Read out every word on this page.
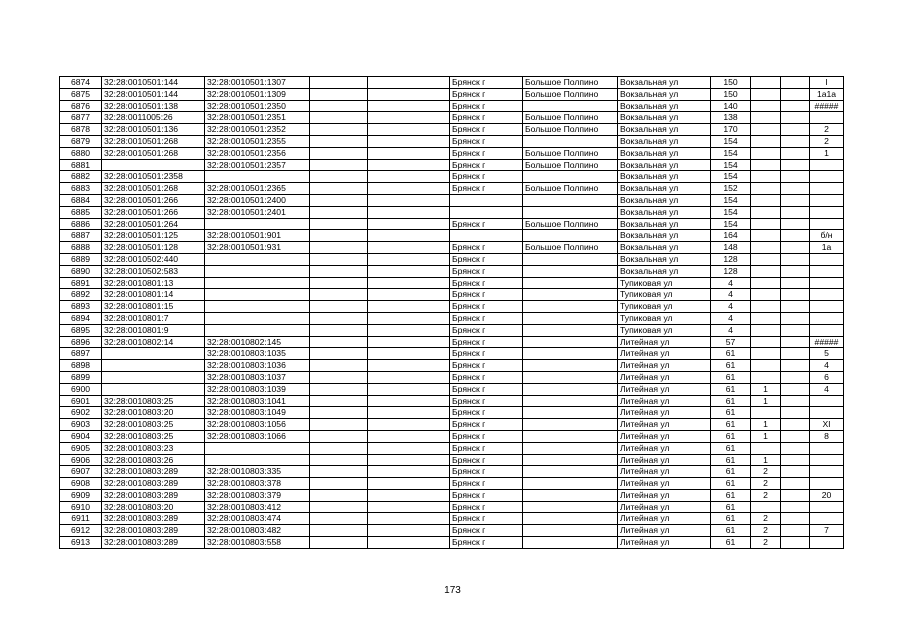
6874	32:28:0010501:144	32:28:0010501:1307			Брянск г	Большое Полпино	Вокзальная ул	150			I
6875	32:28:0010501:144	32:28:0010501:1309			Брянск г	Большое Полпино	Вокзальная ул	150			1а1а
6876	32:28:0010501:138	32:28:0010501:2350			Брянск г		Вокзальная ул	140			#####
6877	32:28:0011005:26	32:28:0010501:2351			Брянск г	Большое Полпино	Вокзальная ул	138			
6878	32:28:0010501:136	32:28:0010501:2352			Брянск г	Большое Полпино	Вокзальная ул	170			2
6879	32:28:0010501:268	32:28:0010501:2355			Брянск г		Вокзальная ул	154			2
6880	32:28:0010501:268	32:28:0010501:2356			Брянск г	Большое Полпино	Вокзальная ул	154			1
6881		32:28:0010501:2357			Брянск г	Большое Полпино	Вокзальная ул	154			
6882	32:28:0010501:2358				Брянск г		Вокзальная ул	154			
6883	32:28:0010501:268	32:28:0010501:2365			Брянск г	Большое Полпино	Вокзальная ул	152			
6884	32:28:0010501:266	32:28:0010501:2400					Вокзальная ул	154			
6885	32:28:0010501:266	32:28:0010501:2401					Вокзальная ул	154			
6886	32:28:0010501:264				Брянск г	Большое Полпино	Вокзальная ул	154			
6887	32:28:0010501:125	32:28:0010501:901					Вокзальная ул	164			б/н
6888	32:28:0010501:128	32:28:0010501:931			Брянск г	Большое Полпино	Вокзальная ул	148			1а
6889	32:28:0010502:440				Брянск г		Вокзальная ул	128			
6890	32:28:0010502:583				Брянск г		Вокзальная ул	128			
6891	32:28:0010801:13				Брянск г		Тупиковая ул	4			
6892	32:28:0010801:14				Брянск г		Тупиковая ул	4			
6893	32:28:0010801:15				Брянск г		Тупиковая ул	4			
6894	32:28:0010801:7				Брянск г		Тупиковая ул	4			
6895	32:28:0010801:9				Брянск г		Тупиковая ул	4			
6896	32:28:0010802:14	32:28:0010802:145			Брянск г		Литейная ул	57			#####
6897		32:28:0010803:1035			Брянск г		Литейная ул	61			5
6898		32:28:0010803:1036			Брянск г		Литейная ул	61			4
6899		32:28:0010803:1037			Брянск г		Литейная ул	61			6
6900		32:28:0010803:1039			Брянск г		Литейная ул	61	1		4
6901	32:28:0010803:25	32:28:0010803:1041			Брянск г		Литейная ул	61	1		
6902	32:28:0010803:20	32:28:0010803:1049			Брянск г		Литейная ул	61			
6903	32:28:0010803:25	32:28:0010803:1056			Брянск г		Литейная ул	61	1		XI
6904	32:28:0010803:25	32:28:0010803:1066			Брянск г		Литейная ул	61	1		8
6905	32:28:0010803:23				Брянск г		Литейная ул	61			
6906	32:28:0010803:26				Брянск г		Литейная ул	61	1		
6907	32:28:0010803:289	32:28:0010803:335			Брянск г		Литейная ул	61	2		
6908	32:28:0010803:289	32:28:0010803:378			Брянск г		Литейная ул	61	2		
6909	32:28:0010803:289	32:28:0010803:379			Брянск г		Литейная ул	61	2		20
6910	32:28:0010803:20	32:28:0010803:412			Брянск г		Литейная ул	61			
6911	32:28:0010803:289	32:28:0010803:474			Брянск г		Литейная ул	61	2		
6912	32:28:0010803:289	32:28:0010803:482			Брянск г		Литейная ул	61	2		7
6913	32:28:0010803:289	32:28:0010803:558			Брянск г		Литейная ул	61	2		
173
